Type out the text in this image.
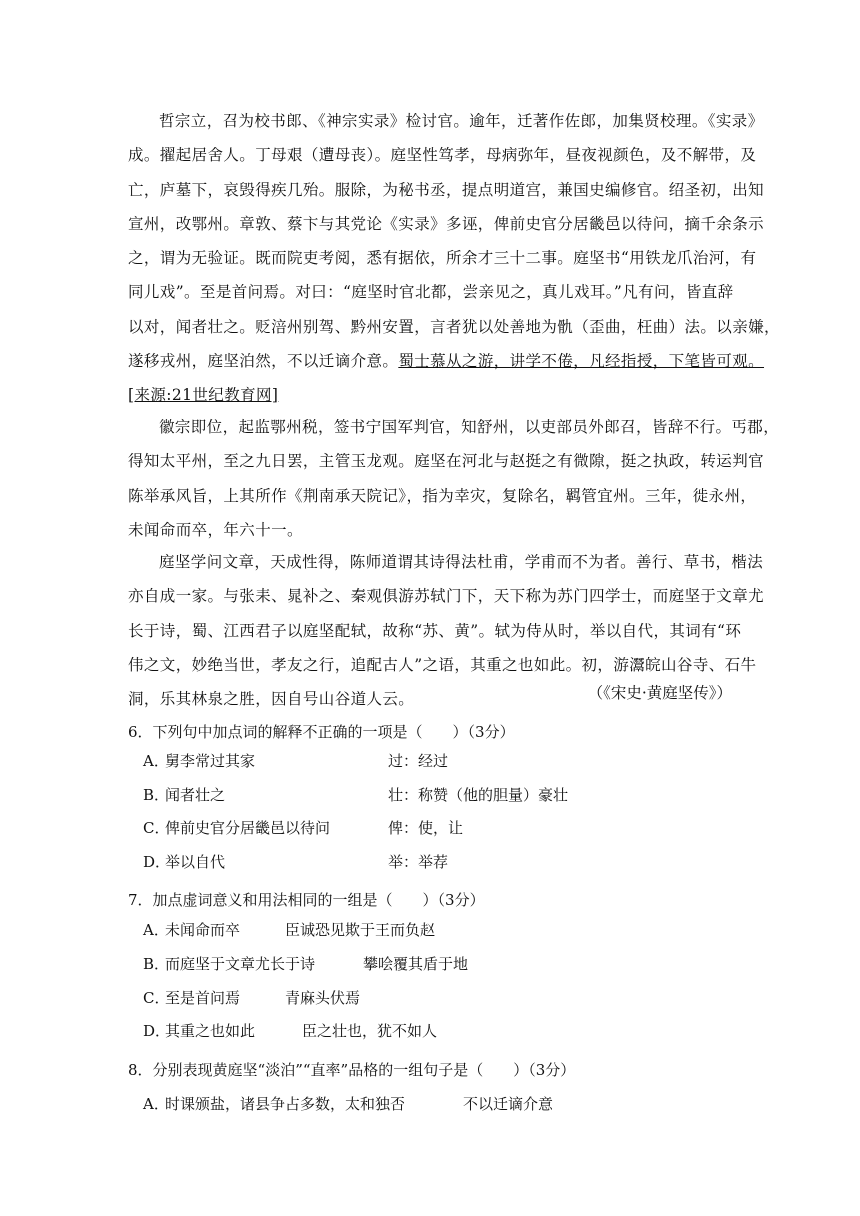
哲宗立，召为校书郎、《神宗实录》检讨官。逾年，迁著作佐郎，加集贤校理。《实录》
成。擢起居舍人。丁母艰（遭母丧）。庭坚性笃孝，母病弥年，昼夜视颜色，及不解带，及
亡，庐墓下，哀毁得疾几殆。服除，为秘书丞，提点明道宫，兼国史编修官。绍圣初，出知
宣州，改鄂州。章敦、蔡卞与其党论《实录》多诬，俾前史官分居畿邑以待问，摘千余条示
之，谓为无验证。既而院吏考阅，悉有据依，所余才三十二事。庭坚书“用铁龙爪治河，有
同儿戏”。至是首问焉。对曰：“庭坚时官北都，尝亲见之，真儿戏耳。”凡有问，皆直辞
以对，闻者壮之。贬涪州别驾、黔州安置，言者犹以处善地为骩（歪曲，枉曲）法。以亲嫌，
遂移戎州，庭坚泊然，不以迁谪介意。蜀士慕从之游，讲学不倦，凡经指授，下笔皆可观。
[来源:21世纪教育网]
徽宗即位，起监鄂州税，签书宁国军判官，知舒州，以吏部员外郎召，皆辞不行。丐郡，
得知太平州，至之九日罢，主管玉龙观。庭坚在河北与赵挺之有微隙，挺之执政，转运判官
陈举承风旨，上其所作《荆南承天院记》，指为幸灾，复除名，羁管宜州。三年，徙永州，
未闻命而卒，年六十一。
庭坚学问文章，天成性得，陈师道谓其诗得法杜甫，学甫而不为者。善行、草书，楷法
亦自成一家。与张耒、晁补之、秦观俱游苏轼门下，天下称为苏门四学士，而庭坚于文章尤
长于诗，蜀、江西君子以庭坚配轼，故称“苏、黄”。轼为侍从时，举以自代，其词有“环
伟之文，妙绝当世，孝友之行，追配古人”之语，其重之也如此。初，游灊皖山谷寺、石牛
洞，乐其林泉之胜，因自号山谷道人云。	（《宋史·黄庭坚传》）
6．下列句中加点词的解释不正确的一项是（　　）（3分）
A．舅李常过其家	过：经过
B．闻者壮之	壮：称赞（他的胆量）豪壮
C．俾前史官分居畿邑以待问	俾：使，让
D．举以自代	举：举荐
7．加点虚词意义和用法相同的一组是（　　）（3分）
A．未闻命而卒	臣诚恐见欺于王而负赵
B．而庭坚于文章尤长于诗	攀哙覆其盾于地
C．至是首问焉	青麻头伏焉
D．其重之也如此	臣之壮也，犹不如人
8．分别表现黄庭坚“淡泊”“直率”品格的一组句子是（　　）（3分）
A．时课颁盐，诸县争占多数，太和独否	不以迁谪介意
